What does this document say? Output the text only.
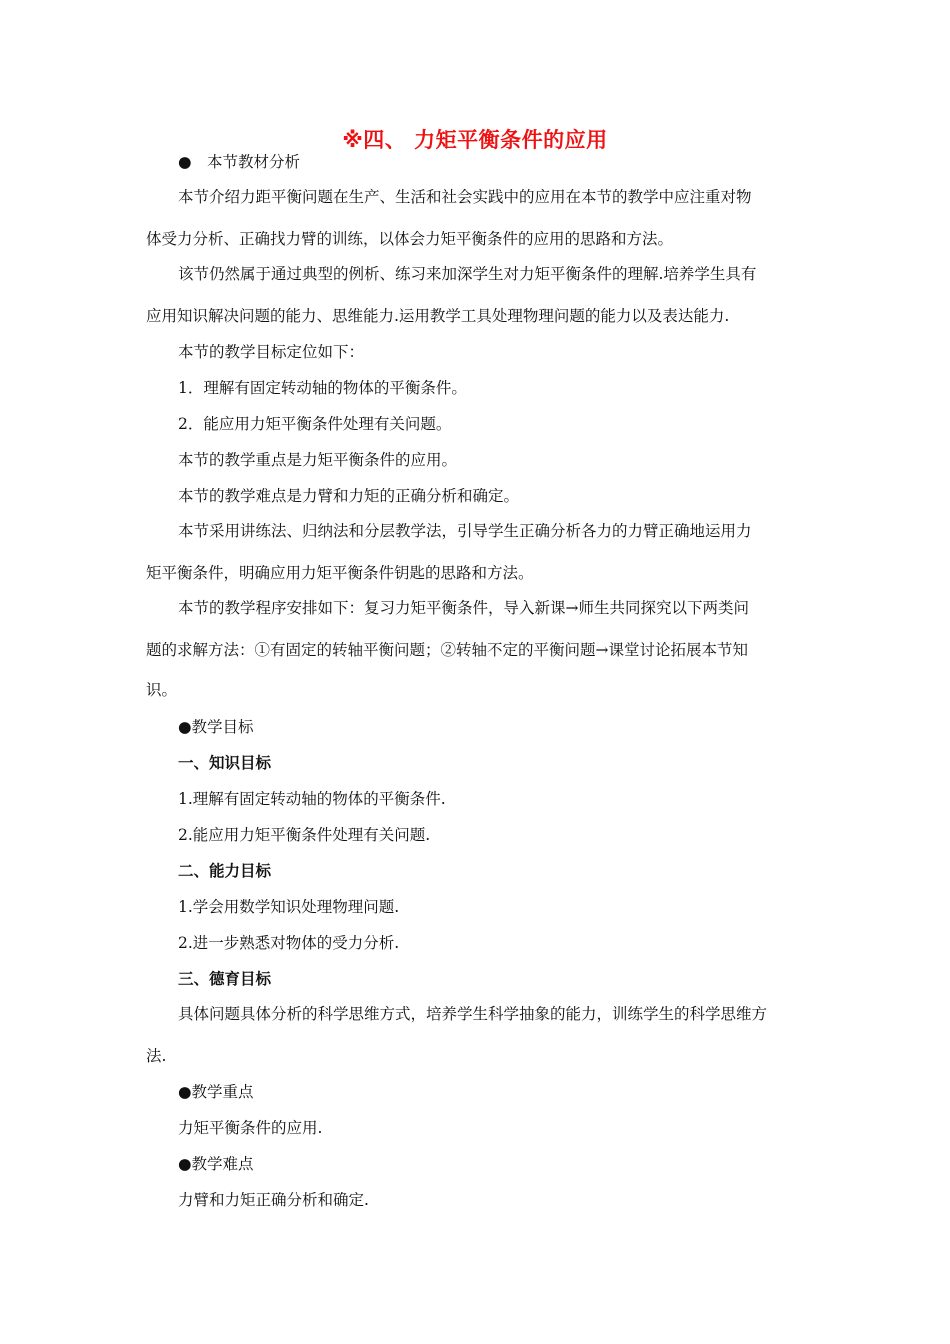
※四、 力矩平衡条件的应用
●　本节教材分析
本节介绍力距平衡问题在生产、生活和社会实践中的应用在本节的教学中应注重对物
体受力分析、正确找力臂的训练，以体会力矩平衡条件的应用的思路和方法。
该节仍然属于通过典型的例析、练习来加深学生对力矩平衡条件的理解.培养学生具有
应用知识解决问题的能力、思维能力.运用教学工具处理物理问题的能力以及表达能力.
本节的教学目标定位如下：
1．理解有固定转动轴的物体的平衡条件。
2．能应用力矩平衡条件处理有关问题。
本节的教学重点是力矩平衡条件的应用。
本节的教学难点是力臂和力矩的正确分析和确定。
本节采用讲练法、归纳法和分层教学法，引导学生正确分析各力的力臂正确地运用力
矩平衡条件，明确应用力矩平衡条件钥匙的思路和方法。
本节的教学程序安排如下：复习力矩平衡条件，导入新课→师生共同探究以下两类问
题的求解方法：①有固定的转轴平衡问题；②转轴不定的平衡问题→课堂讨论拓展本节知
识。
●教学目标
一、知识目标
1.理解有固定转动轴的物体的平衡条件.
2.能应用力矩平衡条件处理有关问题.
二、能力目标
1.学会用数学知识处理物理问题.
2.进一步熟悉对物体的受力分析.
三、德育目标
具体问题具体分析的科学思维方式，培养学生科学抽象的能力，训练学生的科学思维方
法.
●教学重点
力矩平衡条件的应用.
●教学难点
力臂和力矩正确分析和确定.
